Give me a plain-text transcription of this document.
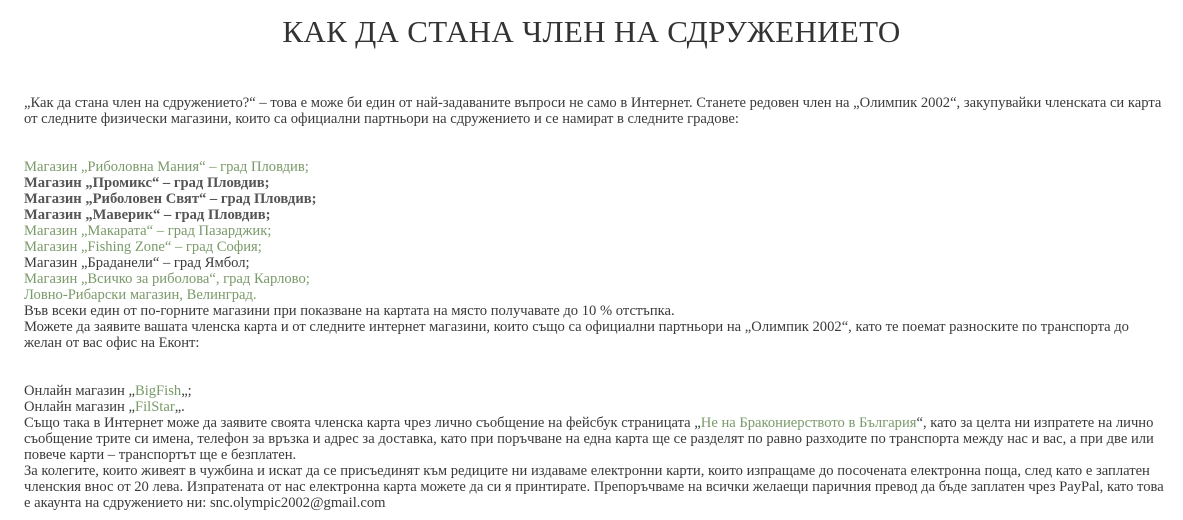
КАК ДА СТАНА ЧЛЕН НА СДРУЖЕНИЕТО

„Как да стана член на сдружението?“ – това е може би един от най-задаваните въпроси не само в Интернет. Станете редовен член на „Олимпик 2002“, закупувайки членската си карта от следните физически магазини, които са официални партньори на сдружението и се намират в следните градове:

Магазин „Риболовна Мания“ – град Пловдив;
Магазин „Промикс“ – град Пловдив;
Магазин „Риболовен Свят“ – град Пловдив;
Магазин „Маверик“ – град Пловдив;
Магазин „Макарата“ – град Пазарджик;
Магазин „Fishing Zone“ – град София;
Магазин „Браданели“ – град Ямбол;
Магазин „Всичко за риболова“, град Карлово;
Ловно-Рибарски магазин, Велинград.

Във всеки един от по-горните магазини при показване на картата на място получавате до 10 % отстъпка.

Можете да заявите вашата членска карта и от следните интернет магазини, които също са официални партньори на „Олимпик 2002“, като те поемат разноските по транспорта до желан от вас офис на Еконт:

Онлайн магазин „BigFish„;
Онлайн магазин „FilStar„.

Също така в Интернет може да заявите своята членска карта чрез лично съобщение на фейсбук страницата „Не на Бракониерството в България“, като за целта ни изпратете на лично съобщение трите си имена, телефон за връзка и адрес за доставка, като при поръчване на една карта ще се разделят по равно разходите по транспорта между нас и вас, а при две или повече карти – транспортът ще е безплатен.

За колегите, които живеят в чужбина и искат да се присъединят към редиците ни издаваме електронни карти, които изпращаме до посочената електронна поща, след като е заплатен членския внос от 20 лева. Изпратената от нас електронна карта можете да си я принтирате. Препоръчваме на всички желаещи паричния превод да бъде заплатен чрез PayPal, като това е акаунта на сдружението ни: snc.olympic2002@gmail.com
